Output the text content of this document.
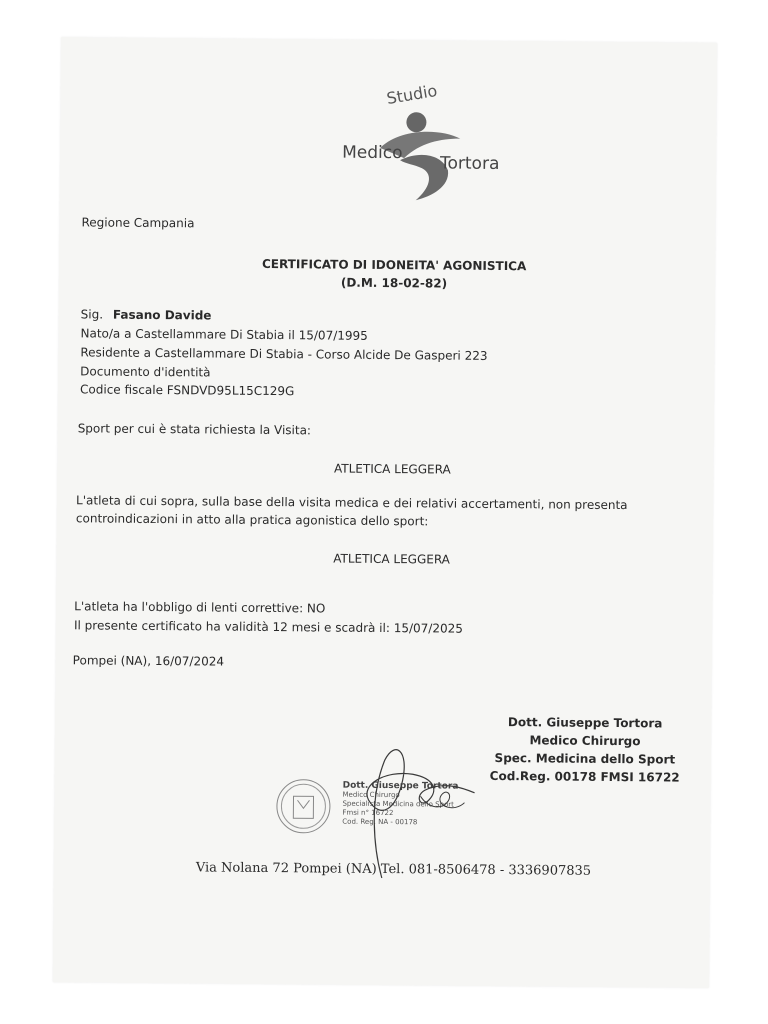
Studio
Medico
Tortora
Regione Campania
CERTIFICATO DI IDONEITA' AGONISTICA
(D.M. 18-02-82)
Sig. Fasano Davide
Nato/a a Castellammare Di Stabia il 15/07/1995
Residente a Castellammare Di Stabia - Corso Alcide De Gasperi 223
Documento d'identità
Codice fiscale FSNDVD95L15C129G
Sport per cui è stata richiesta la Visita:
ATLETICA LEGGERA
L'atleta di cui sopra, sulla base della visita medica e dei relativi accertamenti, non presenta
controindicazioni in atto alla pratica agonistica dello sport:
ATLETICA LEGGERA
L'atleta ha l'obbligo di lenti correttive: NO
Il presente certificato ha validità 12 mesi e scadrà il: 15/07/2025
Pompei (NA), 16/07/2024
Dott. Giuseppe Tortora
Medico Chirurgo
Spec. Medicina dello Sport
Cod.Reg. 00178 FMSI 16722
Dott. Giuseppe Tortora
Medico Chirurgo
Specialista Medicina dello Sport
Fmsi n° 16722
Cod. Reg. NA - 00178
Via Nolana 72 Pompei (NA) Tel. 081-8506478 - 3336907835
